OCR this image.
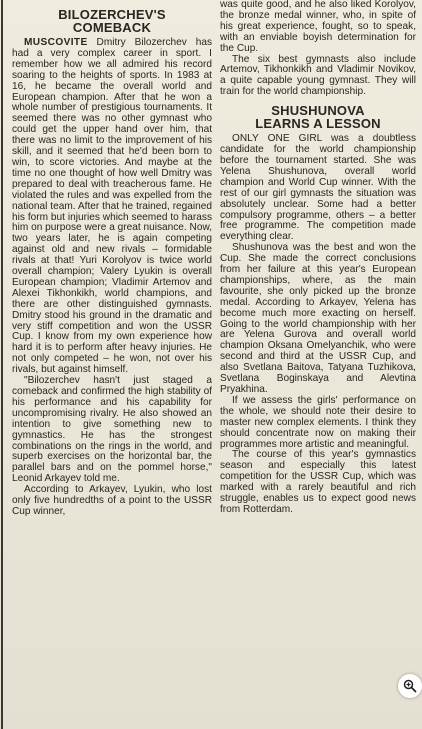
BILOZERCHEV'S
COMEBACK

MUSCOVITE Dmitry Bilozerchev has had a very complex career in sport. I remember how we all admired his record soaring to the heights of sports. In 1983 at 16, he became the overall world and European champion. After that he won a whole number of prestigious tournaments. It seemed there was no other gymnast who could get the upper hand over him, that there was no limit to the improvement of his skill, and it seemed that he'd been born to win, to score victories. And maybe at the time no one thought of how well Dmitry was prepared to deal with treacherous fame. He violated the rules and was expelled from the national team. After that he trained, regained his form but injuries which seemed to harass him on purpose were a great nuisance. Now, two years later, he is again competing against old and new rivals – formidable rivals at that! Yuri Korolyov is twice world overall champion; Valery Lyukin is overall European champion; Vladimir Artemov and Alexei Tikhonkikh, world champions, and there are other distinguished gymnasts. Dmitry stood his ground in the dramatic and very stiff competition and won the USSR Cup. I know from my own experience how hard it is to perform after heavy injuries. He not only competed – he won, not over his rivals, but against himself.

"Bilozerchev hasn't just staged a comeback and confirmed the high stability of his performance and his capability for uncompromising rivalry. He also showed an intention to give something new to gymnastics. He has the strongest combinations on the rings in the world, and superb exercises on the horizontal bar, the parallel bars and on the pommel horse," Leonid Arkayev told me.

According to Arkayev, Lyukin, who lost only five hundredths of a point to the USSR Cup winner,

was quite good, and he also liked Korolyov, the bronze medal winner, who, in spite of his great experience, fought, so to speak, with an enviable boyish determination for the Cup.

The six best gymnasts also include Artemov, Tikhonkikh and Vladimir Novikov, a quite capable young gymnast. They will train for the world championship.

SHUSHUNOVA
LEARNS A LESSON

ONLY ONE GIRL was a doubtless candidate for the world championship before the tournament started. She was Yelena Shushunova, overall world champion and World Cup winner. With the rest of our girl gymnasts the situation was absolutely unclear. Some had a better compulsory programme, others – a better free programme. The competition made everything clear.

Shushunova was the best and won the Cup. She made the correct conclusions from her failure at this year's European championships, where, as the main favourite, she only picked up the bronze medal. According to Arkayev, Yelena has become much more exacting on herself. Going to the world championship with her are Yelena Gurova and overall world champion Oksana Omelyanchik, who were second and third at the USSR Cup, and also Svetlana Baitova, Tatyana Tuzhikova, Svetlana Boginskaya and Alevtina Pryakhina.

If we assess the girls' performance on the whole, we should note their desire to master new complex elements. I think they should concentrate now on making their programmes more artistic and meaningful.

The course of this year's gymnastics season and especially this latest competition for the USSR Cup, which was marked with a rarely beautiful and rich struggle, enables us to expect good news from Rotterdam.
